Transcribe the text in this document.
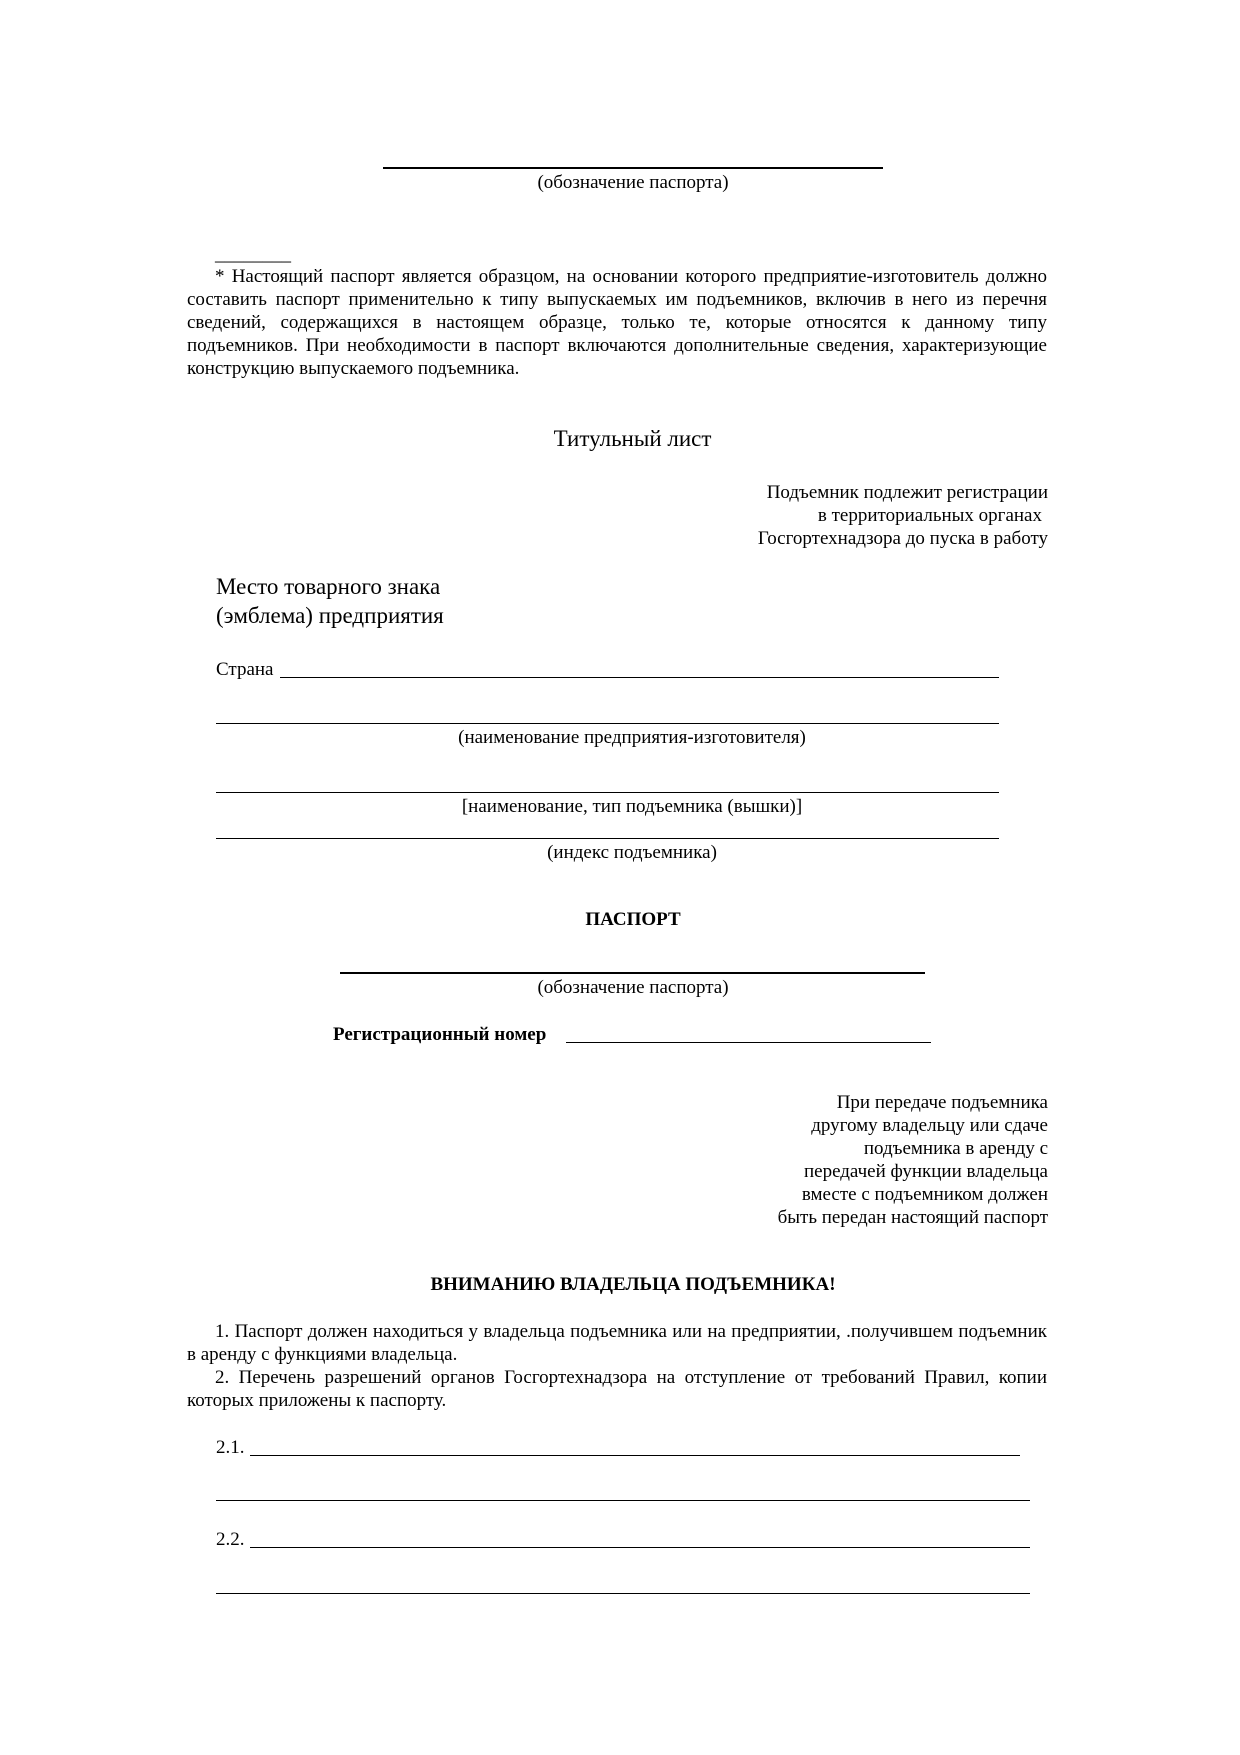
(обозначение паспорта)
________
* Настоящий паспорт является образцом, на основании которого предприятие-изготовитель должно составить паспорт применительно к типу выпускаемых им подъемников, включив в него из перечня сведений, содержащихся в настоящем образце, только те, которые относятся к данному типу подъемников. При необходимости в паспорт включаются дополнительные сведения, характеризующие конструкцию выпускаемого подъемника.
Титульный лист
Подъемник подлежит регистрации
в территориальных органах
Госгортехнадзора до пуска в работу
Место товарного знака
(эмблема) предприятия
Страна
(наименование предприятия-изготовителя)
[наименование, тип подъемника (вышки)]
(индекс подъемника)
ПАСПОРТ
(обозначение паспорта)
Регистрационный номер
При передаче подъемника
другому владельцу или сдаче
подъемника в аренду с
передачей функции владельца
вместе с подъемником должен
быть передан настоящий паспорт
ВНИМАНИЮ ВЛАДЕЛЬЦА ПОДЪЕМНИКА!
1. Паспорт должен находиться у владельца подъемника или на предприятии, .получившем подъемник в аренду с функциями владельца.
2. Перечень разрешений органов Госгортехнадзора на отступление от требований Правил, копии которых приложены к паспорту.
2.1.
2.2.
